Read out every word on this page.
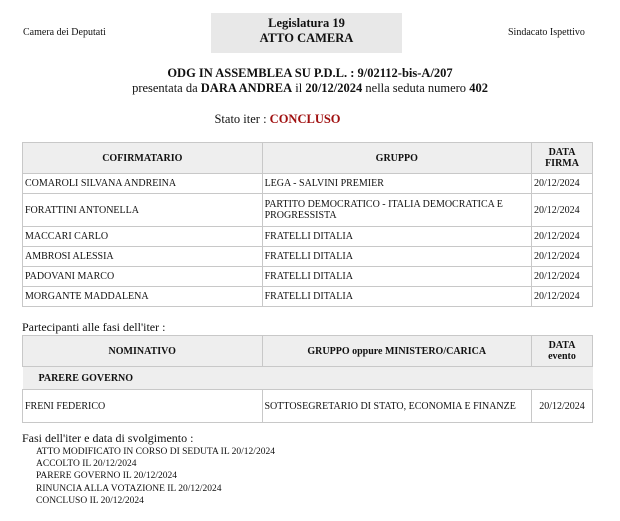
Camera dei Deputati
Legislatura 19
ATTO CAMERA	Sindacato Ispettivo
ODG IN ASSEMBLEA SU P.D.L. : 9/02112-bis-A/207
presentata da DARA ANDREA il 20/12/2024 nella seduta numero 402
Stato iter : CONCLUSO
COFIRMATARIO	GRUPPO	DATA FIRMA
COMAROLI SILVANA ANDREINA	LEGA - SALVINI PREMIER	20/12/2024
FORATTINI ANTONELLA	PARTITO DEMOCRATICO - ITALIA DEMOCRATICA E PROGRESSISTA	20/12/2024
MACCARI CARLO	FRATELLI DITALIA	20/12/2024
AMBROSI ALESSIA	FRATELLI DITALIA	20/12/2024
PADOVANI MARCO	FRATELLI DITALIA	20/12/2024
MORGANTE MADDALENA	FRATELLI DITALIA	20/12/2024
Partecipanti alle fasi dell'iter :
NOMINATIVO	GRUPPO oppure MINISTERO/CARICA	DATA evento
PARERE GOVERNO		
FRENI FEDERICO	SOTTOSEGRETARIO DI STATO, ECONOMIA E FINANZE	20/12/2024
Fasi dell'iter e data di svolgimento :
ATTO MODIFICATO IN CORSO DI SEDUTA IL 20/12/2024
ACCOLTO IL 20/12/2024
PARERE GOVERNO IL 20/12/2024
RINUNCIA ALLA VOTAZIONE IL 20/12/2024
CONCLUSO IL 20/12/2024
